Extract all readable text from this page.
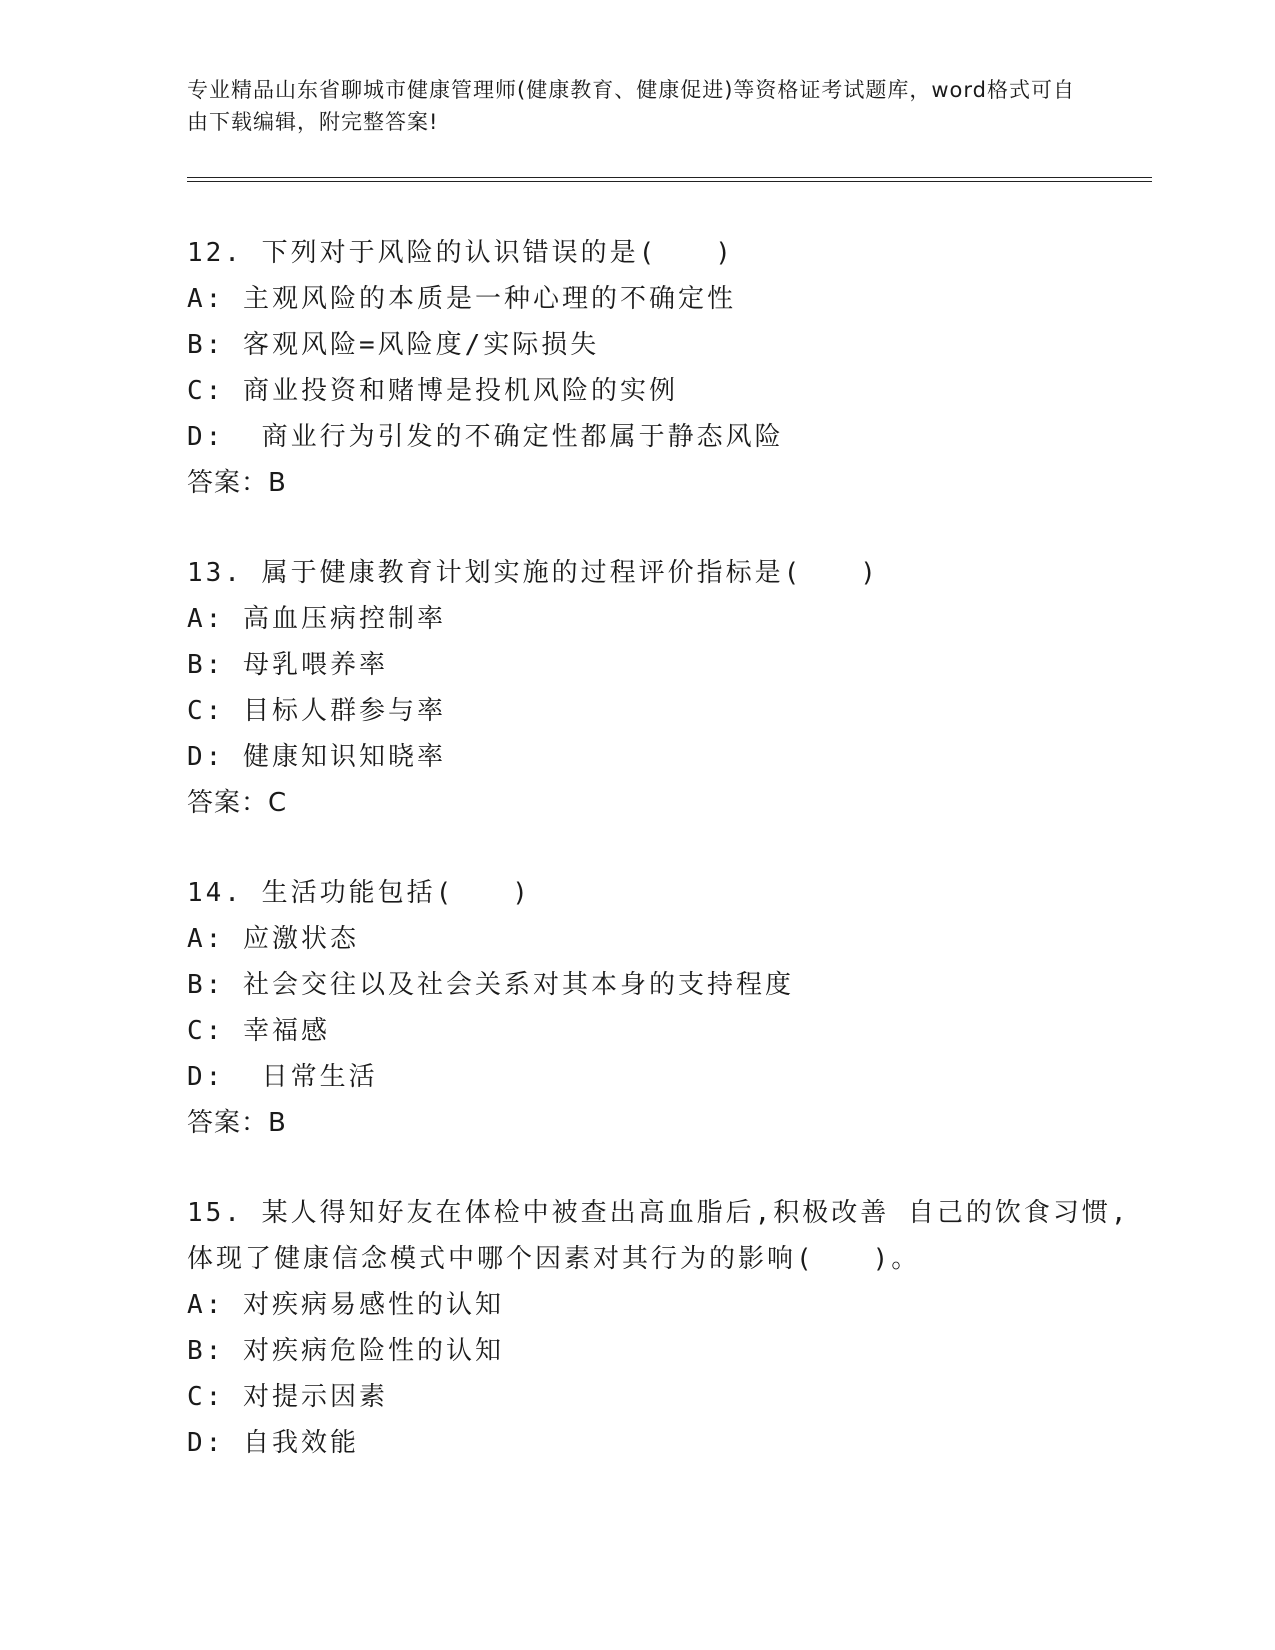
专业精品山东省聊城市健康管理师(健康教育、健康促进)等资格证考试题库，word格式可自由下载编辑，附完整答案!
12. 下列对于风险的认识错误的是(　　)
A: 主观风险的本质是一种心理的不确定性
B: 客观风险=风险度/实际损失
C: 商业投资和赌博是投机风险的实例
D:  商业行为引发的不确定性都属于静态风险
答案：B
13. 属于健康教育计划实施的过程评价指标是(　　)
A: 高血压病控制率
B: 母乳喂养率
C: 目标人群参与率
D: 健康知识知晓率
答案：C
14. 生活功能包括(　　)
A: 应激状态
B: 社会交往以及社会关系对其本身的支持程度
C: 幸福感
D:  日常生活
答案：B
15. 某人得知好友在体检中被查出高血脂后,积极改善 自己的饮食习惯,体现了健康信念模式中哪个因素对其行为的影响(　　)。
A: 对疾病易感性的认知
B: 对疾病危险性的认知
C: 对提示因素
D: 自我效能
